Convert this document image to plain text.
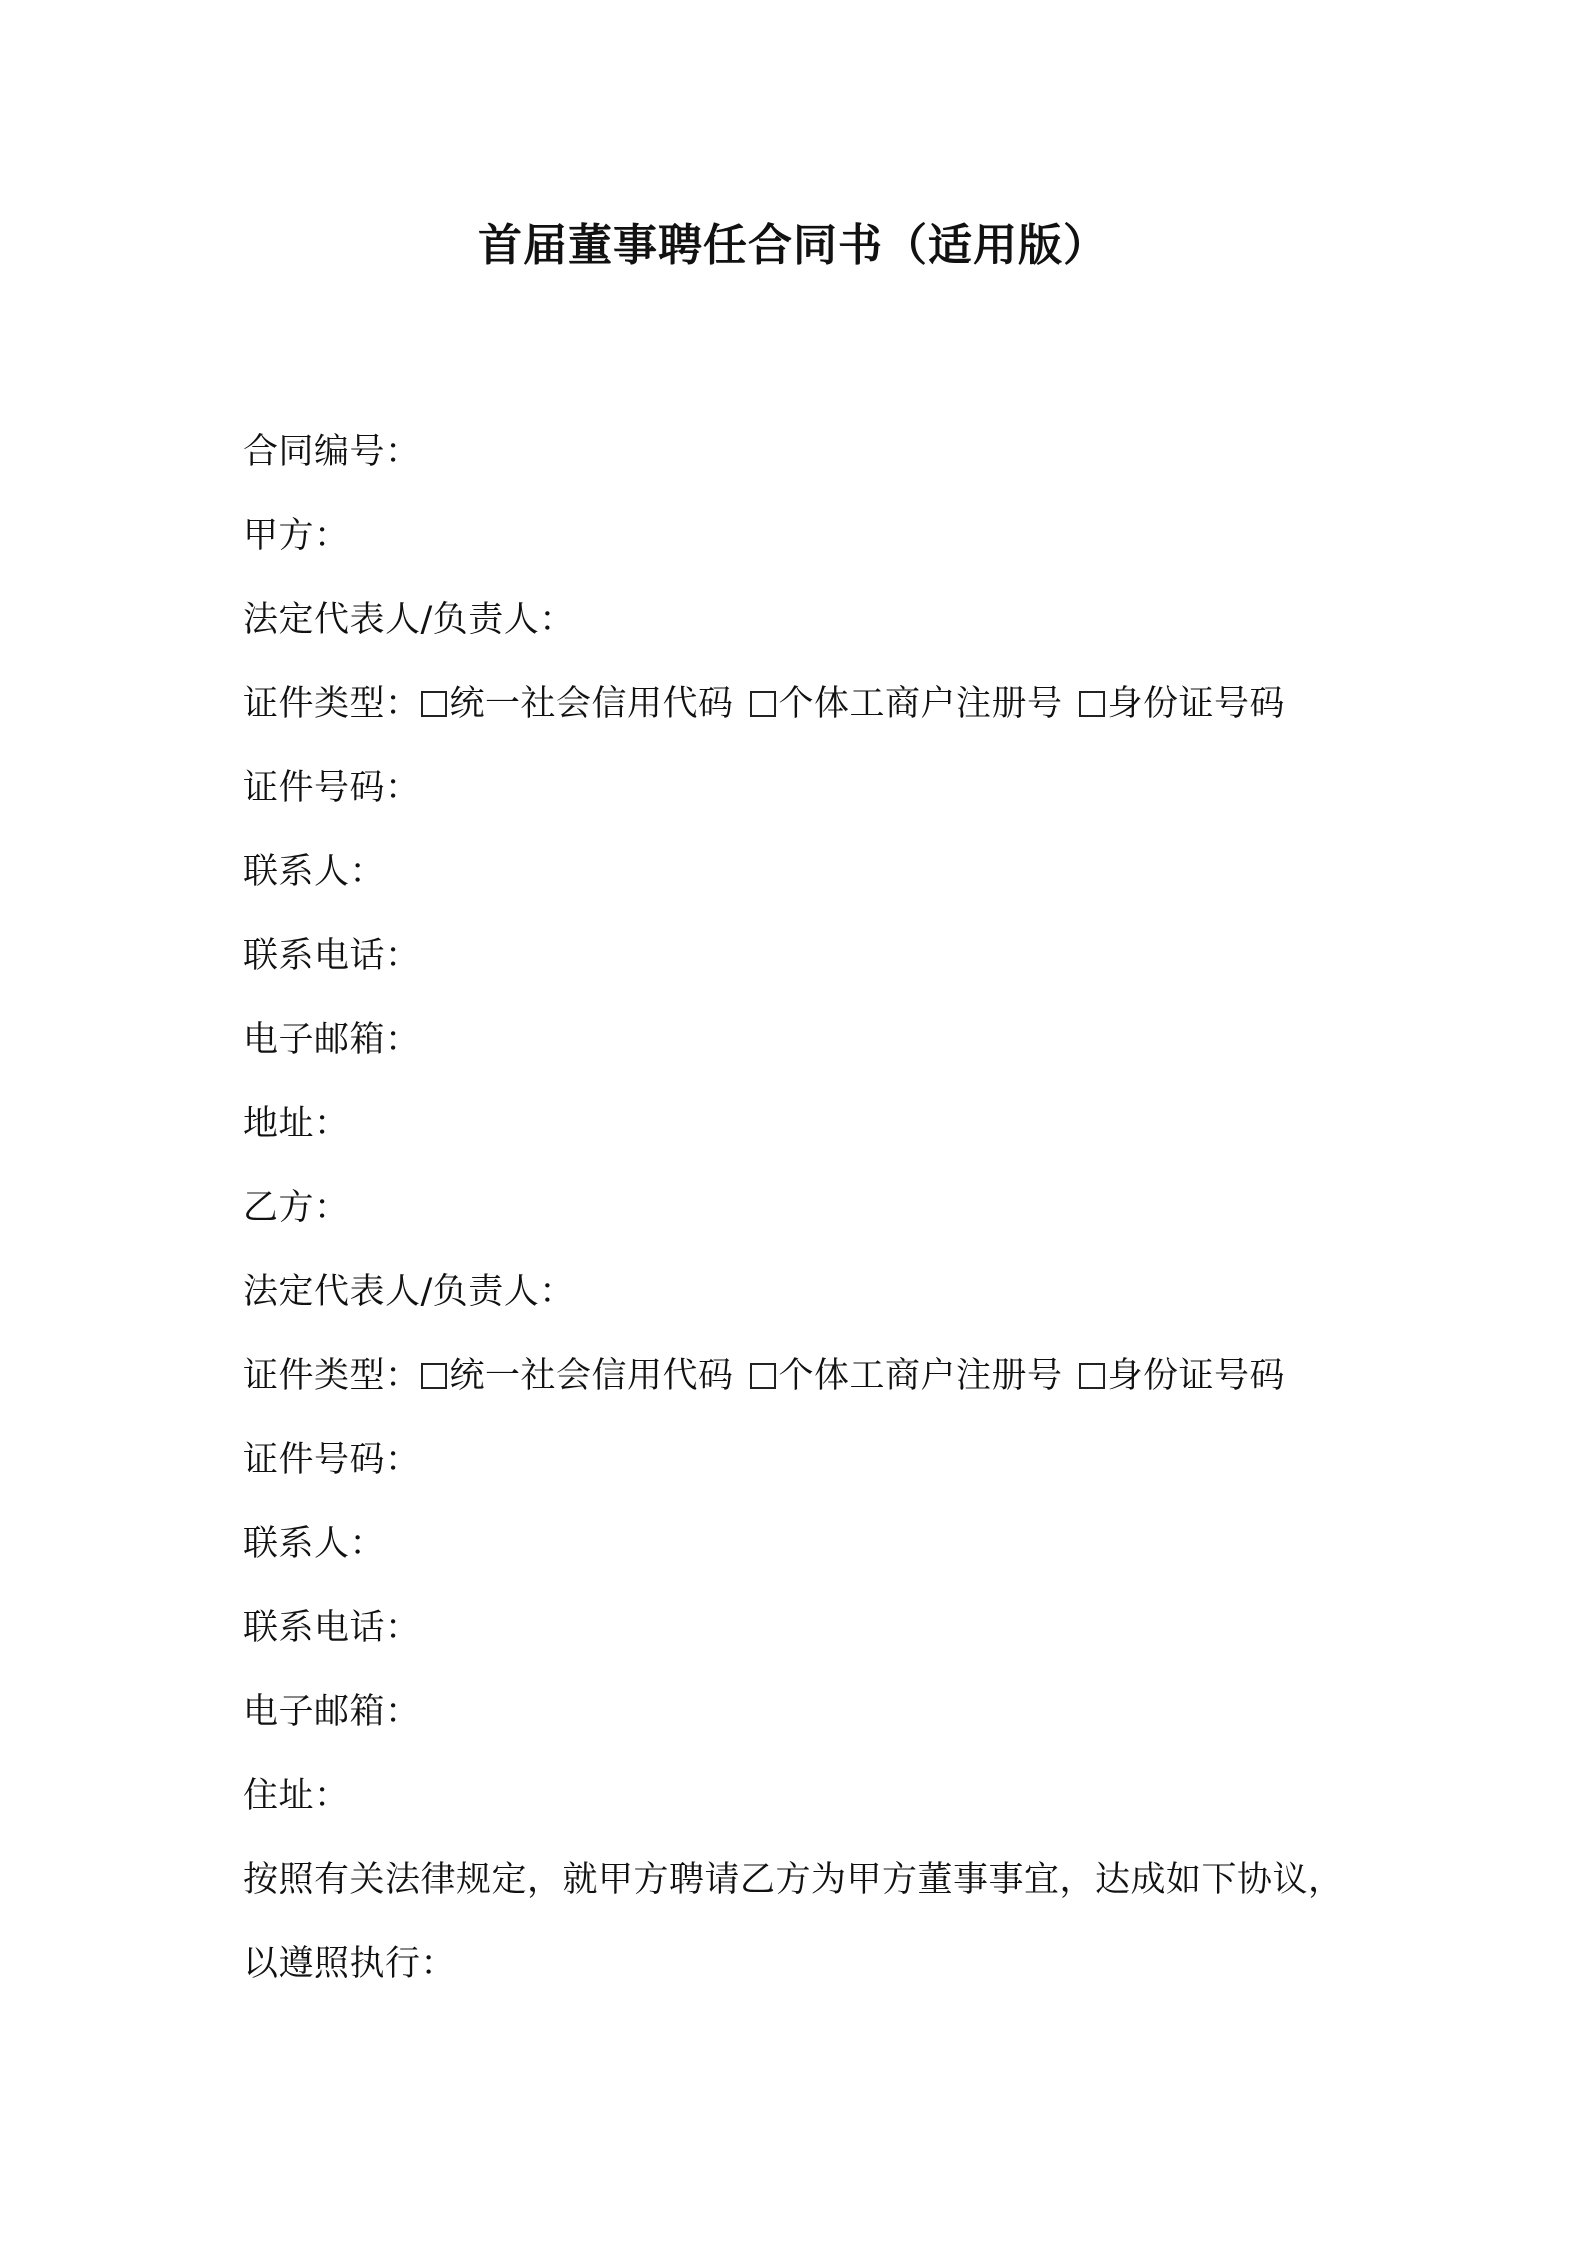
首届董事聘任合同书（适用版）
合同编号：
甲方：
法定代表人/负责人：
证件类型： 统一社会信用代码 个体工商户注册号 身份证号码
证件号码：
联系人：
联系电话：
电子邮箱：
地址：
乙方：
法定代表人/负责人：
证件类型： 统一社会信用代码 个体工商户注册号 身份证号码
证件号码：
联系人：
联系电话：
电子邮箱：
住址：
按照有关法律规定，就甲方聘请乙方为甲方董事事宜，达成如下协议，以遵照执行：
